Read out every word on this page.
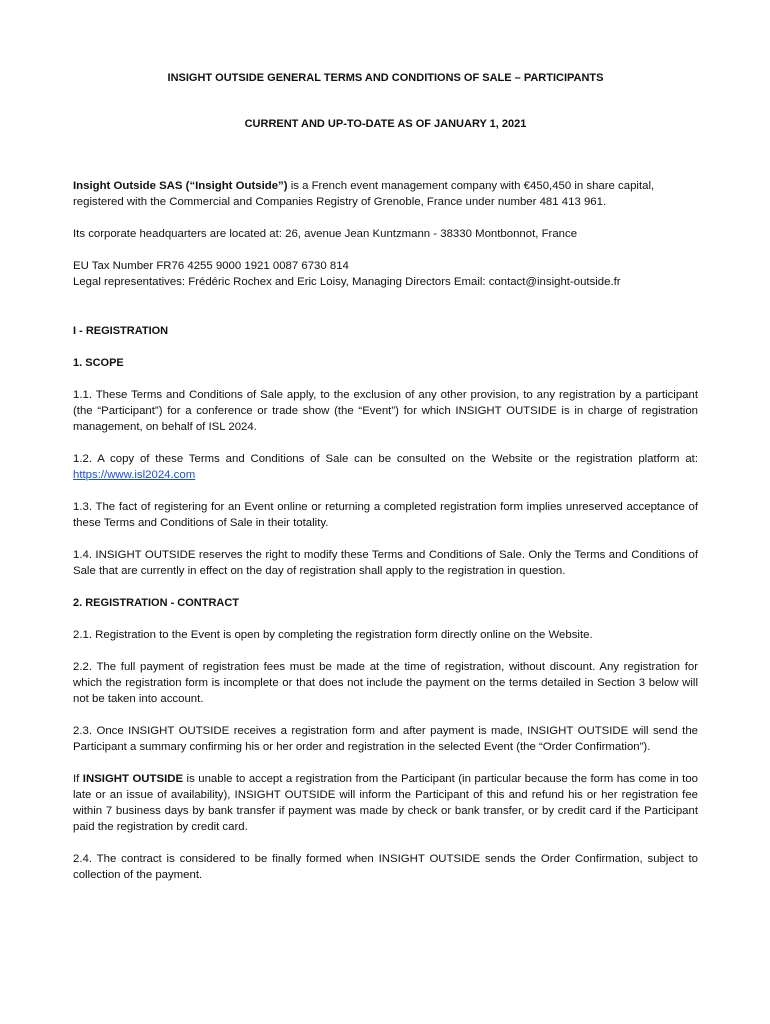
INSIGHT OUTSIDE GENERAL TERMS AND CONDITIONS OF SALE – PARTICIPANTS

CURRENT AND UP-TO-DATE AS OF JANUARY 1, 2021

Insight Outside SAS (“Insight Outside”) is a French event management company with €450,450 in share capital, registered with the Commercial and Companies Registry of Grenoble, France under number 481 413 961.

Its corporate headquarters are located at: 26, avenue Jean Kuntzmann - 38330 Montbonnot, France

EU Tax Number FR76 4255 9000 1921 0087 6730 814

Legal representatives: Frédéric Rochex and Eric Loisy, Managing Directors Email: contact@insight-outside.fr

I - REGISTRATION

1. SCOPE

1.1. These Terms and Conditions of Sale apply, to the exclusion of any other provision, to any registration by a participant (the “Participant”) for a conference or trade show (the “Event”) for which INSIGHT OUTSIDE is in charge of registration management, on behalf of ISL 2024.

1.2. A copy of these Terms and Conditions of Sale can be consulted on the Website or the registration platform at: https://www.isl2024.com

1.3. The fact of registering for an Event online or returning a completed registration form implies unreserved acceptance of these Terms and Conditions of Sale in their totality.

1.4. INSIGHT OUTSIDE reserves the right to modify these Terms and Conditions of Sale. Only the Terms and Conditions of Sale that are currently in effect on the day of registration shall apply to the registration in question.

2. REGISTRATION - CONTRACT

2.1. Registration to the Event is open by completing the registration form directly online on the Website.

2.2. The full payment of registration fees must be made at the time of registration, without discount. Any registration for which the registration form is incomplete or that does not include the payment on the terms detailed in Section 3 below will not be taken into account.

2.3. Once INSIGHT OUTSIDE receives a registration form and after payment is made, INSIGHT OUTSIDE will send the Participant a summary confirming his or her order and registration in the selected Event (the “Order Confirmation”).

If INSIGHT OUTSIDE is unable to accept a registration from the Participant (in particular because the form has come in too late or an issue of availability), INSIGHT OUTSIDE will inform the Participant of this and refund his or her registration fee within 7 business days by bank transfer if payment was made by check or bank transfer, or by credit card if the Participant paid the registration by credit card.

2.4. The contract is considered to be finally formed when INSIGHT OUTSIDE sends the Order Confirmation, subject to collection of the payment.
